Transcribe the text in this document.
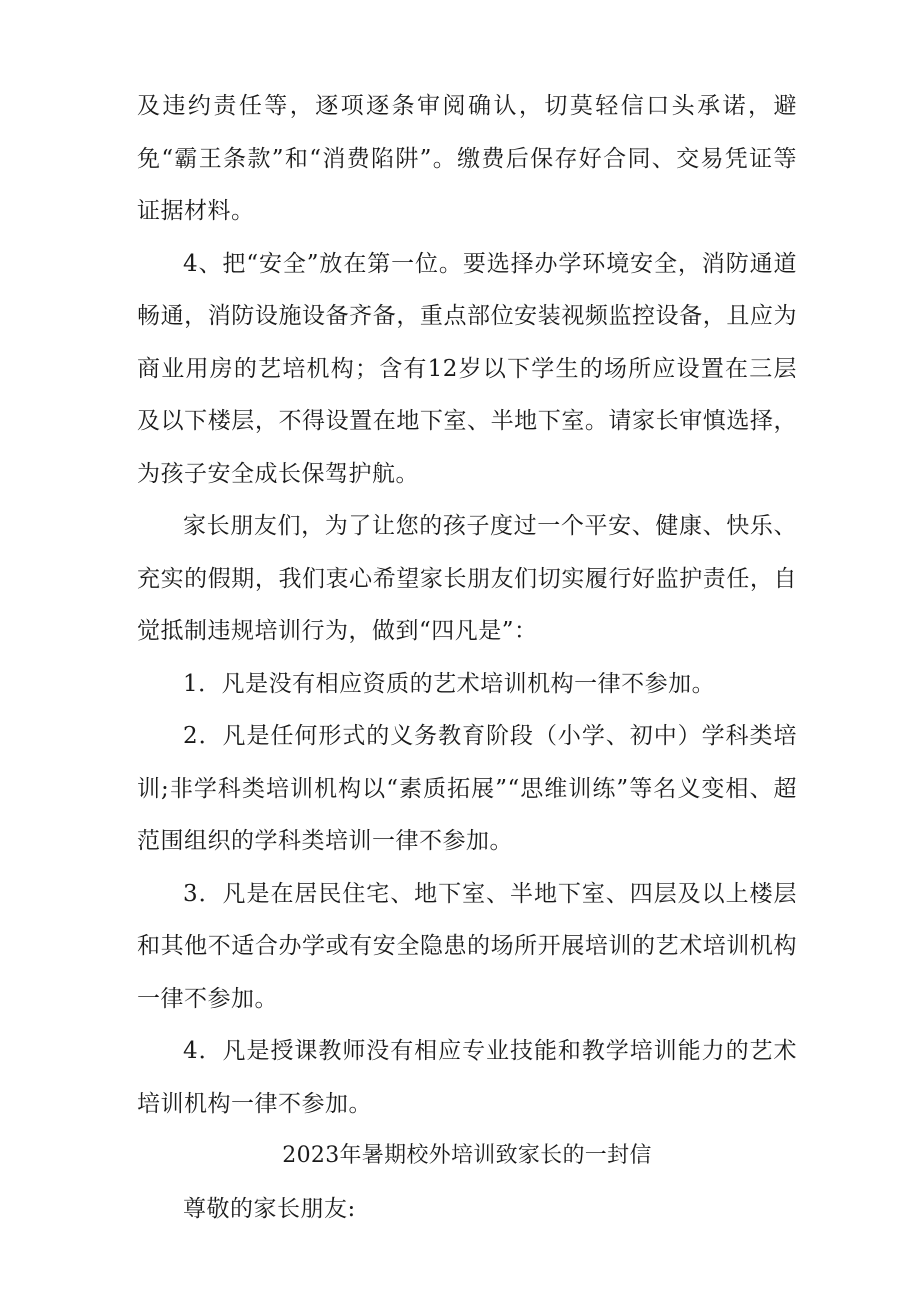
及违约责任等，逐项逐条审阅确认，切莫轻信口头承诺，避免“霸王条款”和“消费陷阱”。缴费后保存好合同、交易凭证等证据材料。

4、把“安全”放在第一位。要选择办学环境安全，消防通道畅通，消防设施设备齐备，重点部位安装视频监控设备，且应为商业用房的艺培机构；含有12岁以下学生的场所应设置在三层及以下楼层，不得设置在地下室、半地下室。请家长审慎选择，为孩子安全成长保驾护航。

家长朋友们，为了让您的孩子度过一个平安、健康、快乐、充实的假期，我们衷心希望家长朋友们切实履行好监护责任，自觉抵制违规培训行为，做到“四凡是”：

1．凡是没有相应资质的艺术培训机构一律不参加。

2．凡是任何形式的义务教育阶段（小学、初中）学科类培训;非学科类培训机构以“素质拓展”“思维训练”等名义变相、超范围组织的学科类培训一律不参加。

3．凡是在居民住宅、地下室、半地下室、四层及以上楼层和其他不适合办学或有安全隐患的场所开展培训的艺术培训机构一律不参加。

4．凡是授课教师没有相应专业技能和教学培训能力的艺术培训机构一律不参加。

2023年暑期校外培训致家长的一封信

尊敬的家长朋友:
